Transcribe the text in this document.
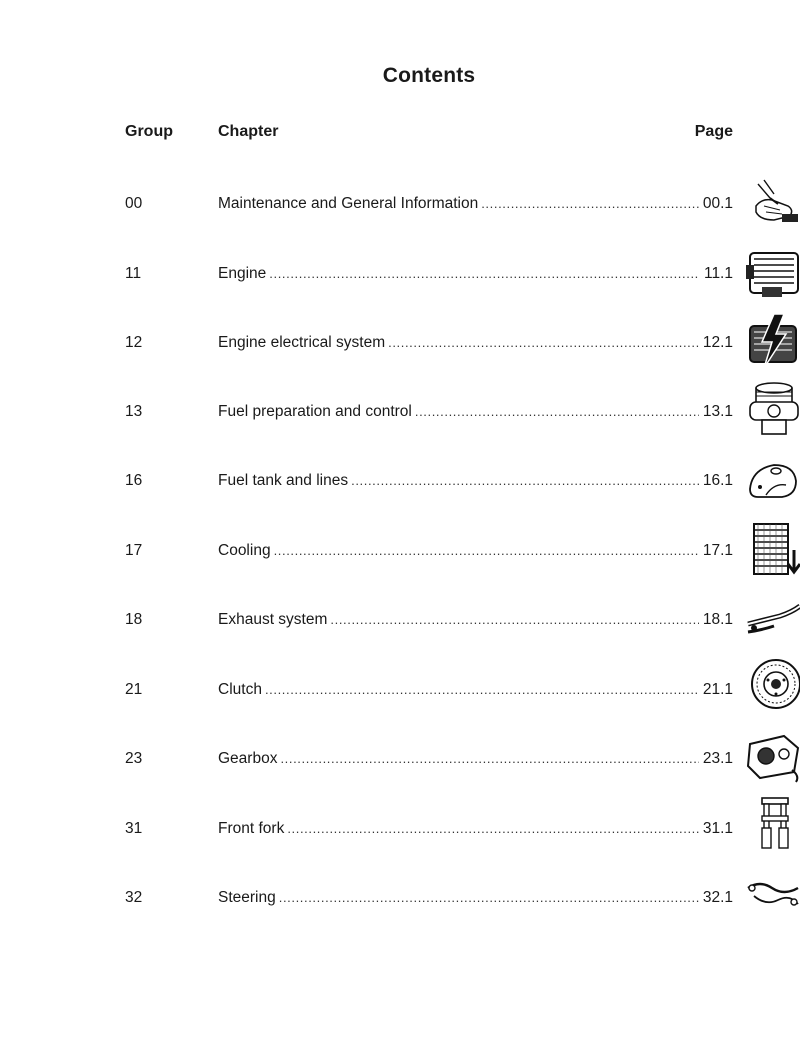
Contents
Group	Chapter	Page
00	Maintenance and General Information .....	00.1
11	Engine .....	11.1
12	Engine electrical system .....	12.1
13	Fuel preparation and control .....	13.1
16	Fuel tank and lines .....	16.1
17	Cooling .....	17.1
18	Exhaust system .....	18.1
21	Clutch .....	21.1
23	Gearbox .....	23.1
31	Front fork .....	31.1
32	Steering .....	32.1
